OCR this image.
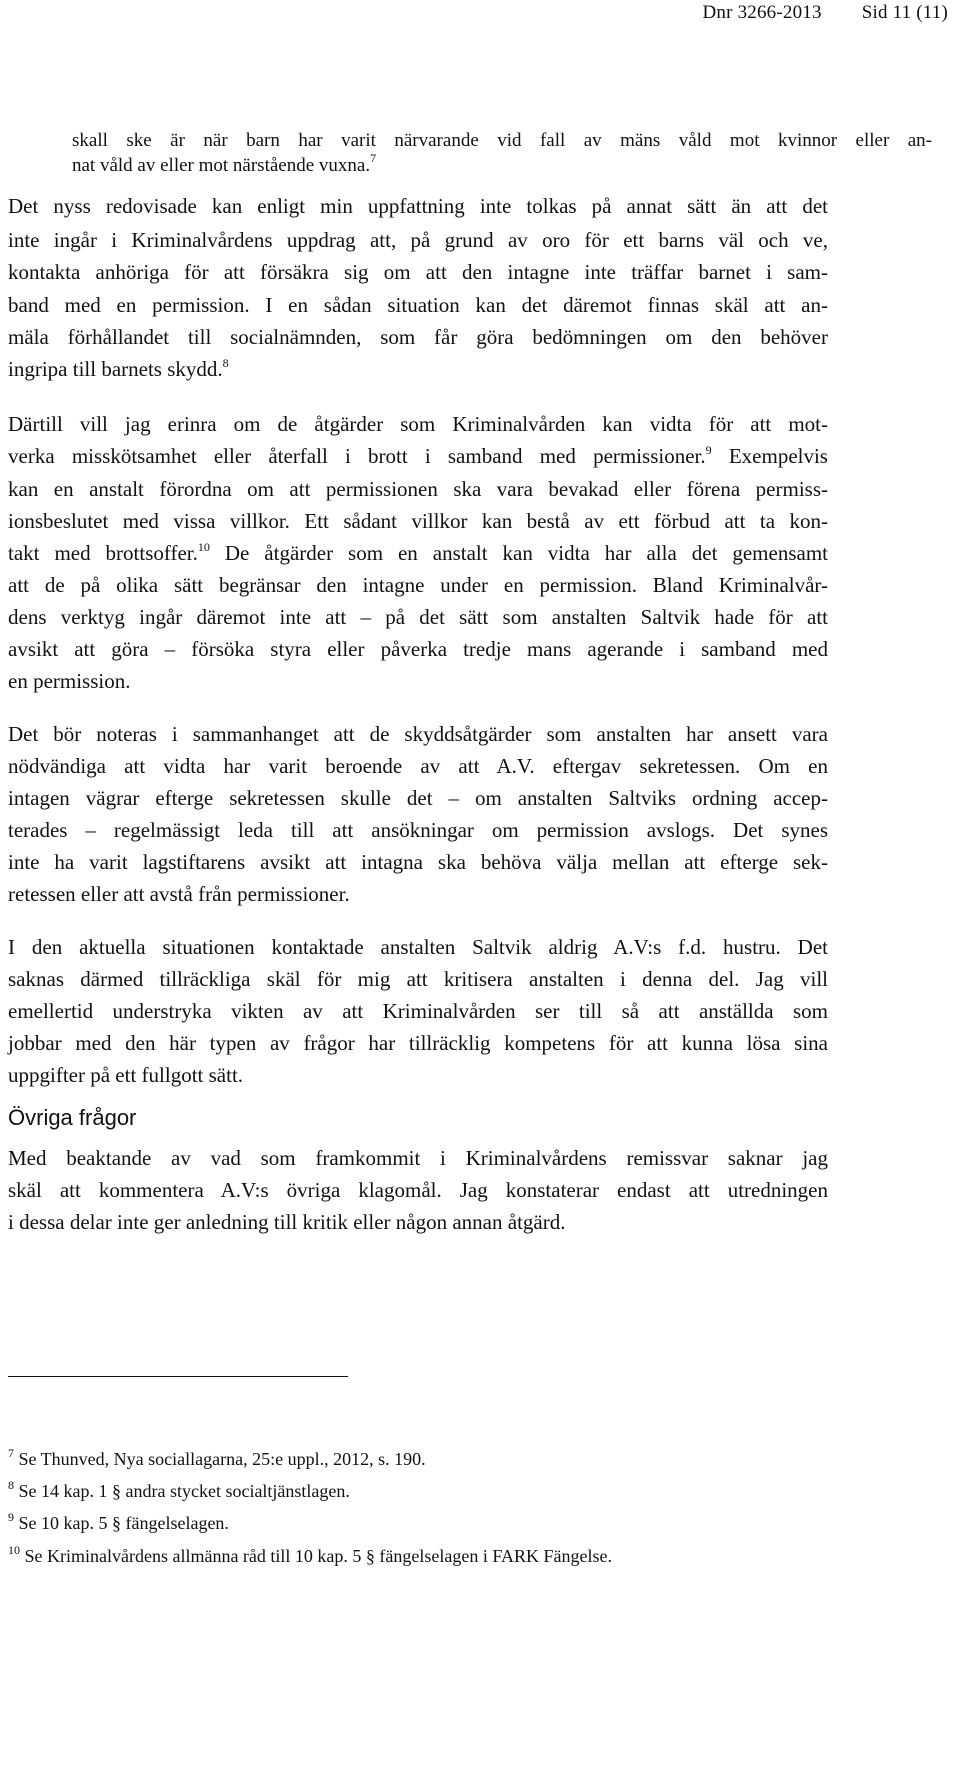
Dnr 3266-2013 Sid 11 (11)
skall ske är när barn har varit närvarande vid fall av mäns våld mot kvinnor eller an-
nat våld av eller mot närstående vuxna.$^7$
Det nyss redovisade kan enligt min uppfattning inte tolkas på annat sätt än att det
inte ingår i Kriminalvårdens uppdrag att, på grund av oro för ett barns väl och ve,
kontakta anhöriga för att försäkra sig om att den intagne inte träffar barnet i sam-
band med en permission. I en sådan situation kan det däremot finnas skäl att an-
mäla förhållandet till socialnämnden, som får göra bedömningen om den behöver
ingripa till barnets skydd.$^8$
Därtill vill jag erinra om de åtgärder som Kriminalvården kan vidta för att mot-
verka misskötsamhet eller återfall i brott i samband med permissioner.$^9$ Exempelvis
kan en anstalt förordna om att permissionen ska vara bevakad eller förena permiss-
ionsbeslutet med vissa villkor. Ett sådant villkor kan bestå av ett förbud att ta kon-
takt med brottsoffer.$^{10}$ De åtgärder som en anstalt kan vidta har alla det gemensamt
att de på olika sätt begränsar den intagne under en permission. Bland Kriminalvår-
dens verktyg ingår däremot inte att – på det sätt som anstalten Saltvik hade för att
avsikt att göra – försöka styra eller påverka tredje mans agerande i samband med
en permission.
Det bör noteras i sammanhanget att de skyddsåtgärder som anstalten har ansett vara
nödvändiga att vidta har varit beroende av att A.V. eftergav sekretessen. Om en
intagen vägrar efterge sekretessen skulle det – om anstalten Saltviks ordning accep-
terades – regelmässigt leda till att ansökningar om permission avslogs. Det synes
inte ha varit lagstiftarens avsikt att intagna ska behöva välja mellan att efterge sek-
retessen eller att avstå från permissioner.
I den aktuella situationen kontaktade anstalten Saltvik aldrig A.V:s f.d. hustru. Det
saknas därmed tillräckliga skäl för mig att kritisera anstalten i denna del. Jag vill
emellertid understryka vikten av att Kriminalvården ser till så att anställda som
jobbar med den här typen av frågor har tillräcklig kompetens för att kunna lösa sina
uppgifter på ett fullgott sätt.
Övriga frågor
Med beaktande av vad som framkommit i Kriminalvårdens remissvar saknar jag
skäl att kommentera A.V:s övriga klagomål. Jag konstaterar endast att utredningen
i dessa delar inte ger anledning till kritik eller någon annan åtgärd.
$^7$ Se Thunved, Nya sociallagarna, 25:e uppl., 2012, s. 190.
$^8$ Se 14 kap. 1 § andra stycket socialtjänstlagen.
$^9$ Se 10 kap. 5 § fängelselagen.
$^{10}$ Se Kriminalvårdens allmänna råd till 10 kap. 5 § fängelselagen i FARK Fängelse.
